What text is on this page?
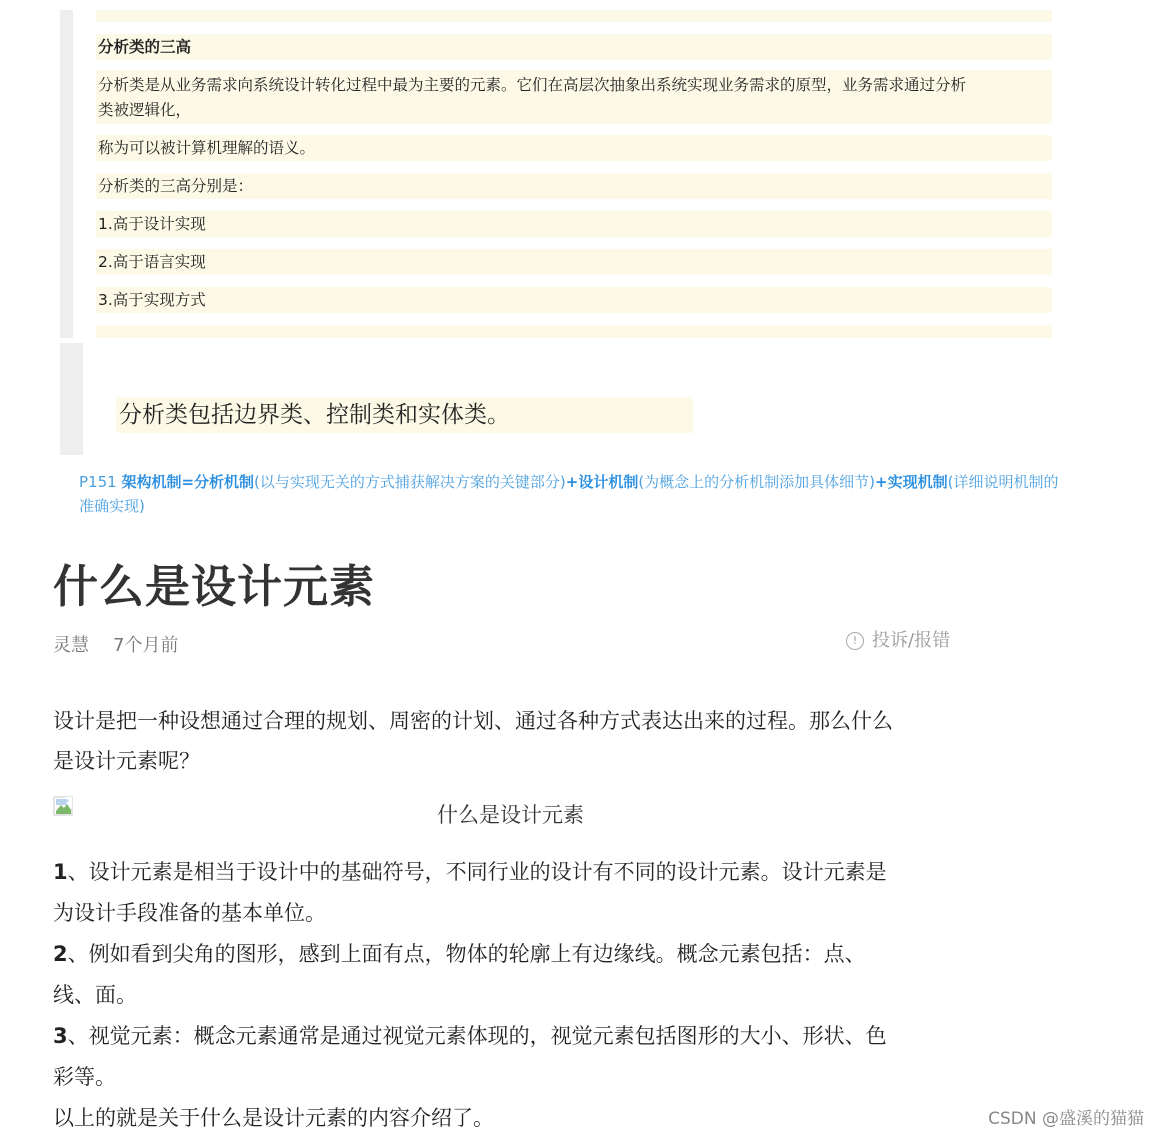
分析类的三高
分析类是从业务需求向系统设计转化过程中最为主要的元素。它们在高层次抽象出系统实现业务需求的原型，业务需求通过分析
类被逻辑化，
称为可以被计算机理解的语义。
分析类的三高分别是：
1.高于设计实现
2.高于语言实现
3.高于实现方式
分析类包括边界类、控制类和实体类。
P151 架构机制=分析机制(以与实现无关的方式捕获解决方案的关键部分)+设计机制(为概念上的分析机制添加具体细节)+实现机制(详细说明机制的准确实现)
什么是设计元素
灵慧 7个月前	! 投诉/报错
设计是把一种设想通过合理的规划、周密的计划、通过各种方式表达出来的过程。那么什么
是设计元素呢？
什么是设计元素
1、设计元素是相当于设计中的基础符号，不同行业的设计有不同的设计元素。设计元素是
为设计手段准备的基本单位。
2、例如看到尖角的图形，感到上面有点，物体的轮廓上有边缘线。概念元素包括：点、
线、面。
3、视觉元素：概念元素通常是通过视觉元素体现的，视觉元素包括图形的大小、形状、色
彩等。
以上的就是关于什么是设计元素的内容介绍了。	CSDN @盛溪的猫猫
